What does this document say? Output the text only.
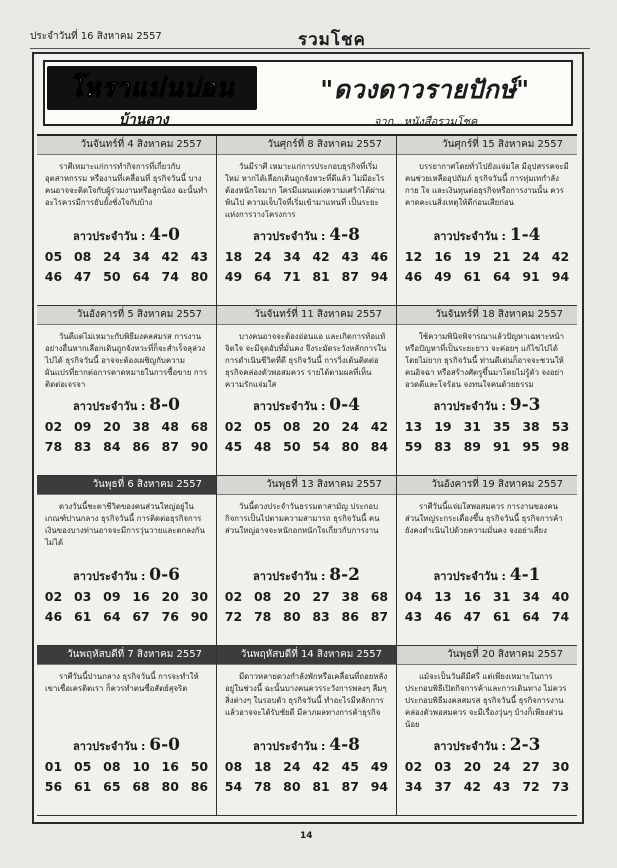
ประจำวันที่ 16 สิงหาคม 2557	รวมโชค
โหราแม่นปอน
บ้านลาง
"ดวงดาวรายปักษ์"
จาก...หนังสือรวมโชค
วันจันทร์ที่ 4 สิงหาคม 2557
ราศีเหมาะแก่การทำกิจการที่เกี่ยวกับอุตสาหกรรม หรืองานที่เคลื่อนที่ ธุรกิจวันนี้ บางคนอาจจะติดใจกับผู้ร่วมงานหรือลูกน้อง ฉะนั้นทำอะไรควรมีการยับยั้งชั่งใจกับบ้าง
ลาวประจำวัน : 4-0
05 08 24 34 42 43
46 47 50 64 74 80
วันศุกร์ที่ 8 สิงหาคม 2557
วันมีราศี เหมาะแก่การประกอบธุรกิจที่เริ่มใหม่ หากได้เลือกเดินถูกจังหวะที่ดีแล้ว ไม่มีอะไรต้องหนักใจมาก ใครมีแผนแต่งความเศร้าได้ผ่านพ้นไป ความเจ็บใจที่เริ่มเข้ามาแทนที่ เป็นระยะแห่งการวางโครงการ
ลาวประจำวัน : 4-8
18 24 34 42 43 46
49 64 71 81 87 94
วันศุกร์ที่ 15 สิงหาคม 2557
บรรยากาศโดยทั่วไปยังแจ่มใส มีอุปสรรคจะมีคนช่วยเหลืออุปถัมภ์ ธุรกิจวันนี้ การทุ่มเทกำลังกาย ใจ และเงินทุนต่อธุรกิจหรือการงานนั้น ควรคาดคะเนสิ่งเหตุให้ดีก่อนเสียก่อน
ลาวประจำวัน : 1-4
12 16 19 21 24 42
46 49 61 64 91 94
วันอังคารที่ 5 สิงหาคม 2557
วันดีแต่ไม่เหมาะกับพิธีมงคลสมรส การงานอย่างอื่นหากเลือกเดินถูกจังหวะที่ก็จะสำเร็จลุล่วงไปได้ ธุรกิจวันนี้ อาจจะต้องเผชิญกับความผันแปรที่ยากต่อการคาดหมายในการซื้อขาย การติดต่อเจรจา
ลาวประจำวัน : 8-0
02 09 20 38 48 68
78 83 84 86 87 90
วันจันทร์ที่ 11 สิงหาคม 2557
บางคนอาจจะต้องอ่อนแอ และเกิดการท้อแท้จิตใจ จะมีจุดอับที่มั่นคง จึงระมัดระวังหลักการในการดำเนินชีวิตที่ดี ธุรกิจวันนี้ การวิ่งเต้นติดต่อธุรกิจคล่องตัวพอสมควร รายได้ตามผลที่เห็นความรักแจ่มใส
ลาวประจำวัน : 0-4
02 05 08 20 24 42
45 48 50 54 80 84
วันจันทร์ที่ 18 สิงหาคม 2557
ใช้ความพินิจพิจารณาแล้วปัญหาเฉพาะหน้า หรือปัญหาที่เป็นระยะยาว จะค่อยๆ แก้ไขไปได้โดยไม่ยาก ธุรกิจวันนี้ ท่านดีเด่นก็อาจจะชวนให้คนอิจฉา หรือสร้างศัตรูขึ้นมาโดยไม่รู้ตัว จงอย่าอวดดีและโจร้อน จงทนใจคนด้วยธรรม
ลาวประจำวัน : 9-3
13 19 31 35 38 53
59 83 89 91 95 98
วันพุธที่ 6 สิงหาคม 2557
ดวงวันนี้ชะตาชีวิตของคนส่วนใหญ่อยู่ในเกณฑ์ปานกลาง ธุรกิจวันนี้ การติดต่อธุรกิจการเงินของบางท่านอาจจะมีการวุ่นวายและตกลงกันไม่ได้
ลาวประจำวัน : 0-6
02 03 09 16 20 30
46 61 64 67 76 90
วันพุธที่ 13 สิงหาคม 2557
วันนี้ดวงประจำวันธรรมดาสามัญ ประกอบกิจการเป็นไปตามความสามารถ ธุรกิจวันนี้ คนส่วนใหญ่อาจจะหนักอกหนักใจเกี่ยวกับการงาน
ลาวประจำวัน : 8-2
02 08 20 27 38 68
72 78 80 83 86 87
วันอังคารที่ 19 สิงหาคม 2557
ราศีวันนี้แจ่มใสพอสมควร การงานของคนส่วนใหญ่ระกระเดื่องขึ้น ธุรกิจวันนี้ ธุรกิจการค้ายังคงดำเนินไปด้วยความมั่นคง จงอย่าเสี่ยง
ลาวประจำวัน : 4-1
04 13 16 31 34 40
43 46 47 61 64 74
วันพฤหัสบดีที่ 7 สิงหาคม 2557
ราศีวันนี้ปานกลาง ธุรกิจวันนี้ การจะทำให้เขาเชื่อเครดิตเรา ก็ควรทำตนซื่อสัตย์สุจริต
ลาวประจำวัน : 6-0
01 05 08 10 16 50
56 61 65 68 80 86
วันพฤหัสบดีที่ 14 สิงหาคม 2557
มีดาวหลายดวงกำลังพักหรือเคลื่อนที่ถอยหลังอยู่ในช่วงนี้ ฉะนั้นบางคนควรระวังการพลงๆ ลืมๆ สิ่งต่างๆ ในรอบตัว ธุรกิจวันนี้ ทำอะไรมีหลักการแล้วอาจจะได้รับชัยดี มีลาภผลทางการค้าธุรกิจ
ลาวประจำวัน : 4-8
08 18 24 42 45 49
54 78 80 81 87 94
วันพุธที่ 20 สิงหาคม 2557
แม้จะเป็นวันดีมีศรี แต่เพียงเหมาะในการประกอบพิธีเปิดกิจการค้าและการเดินทาง ไม่ควรประกอบพิธีมงคลสมรส ธุรกิจวันนี้ ธุรกิจการงานคล่องตัวพอสมควร จะมีเรื่องวุ่นๆ บ้างก็เพียงส่วนน้อย
ลาวประจำวัน : 2-3
02 03 20 24 27 30
34 37 42 43 72 73
14
